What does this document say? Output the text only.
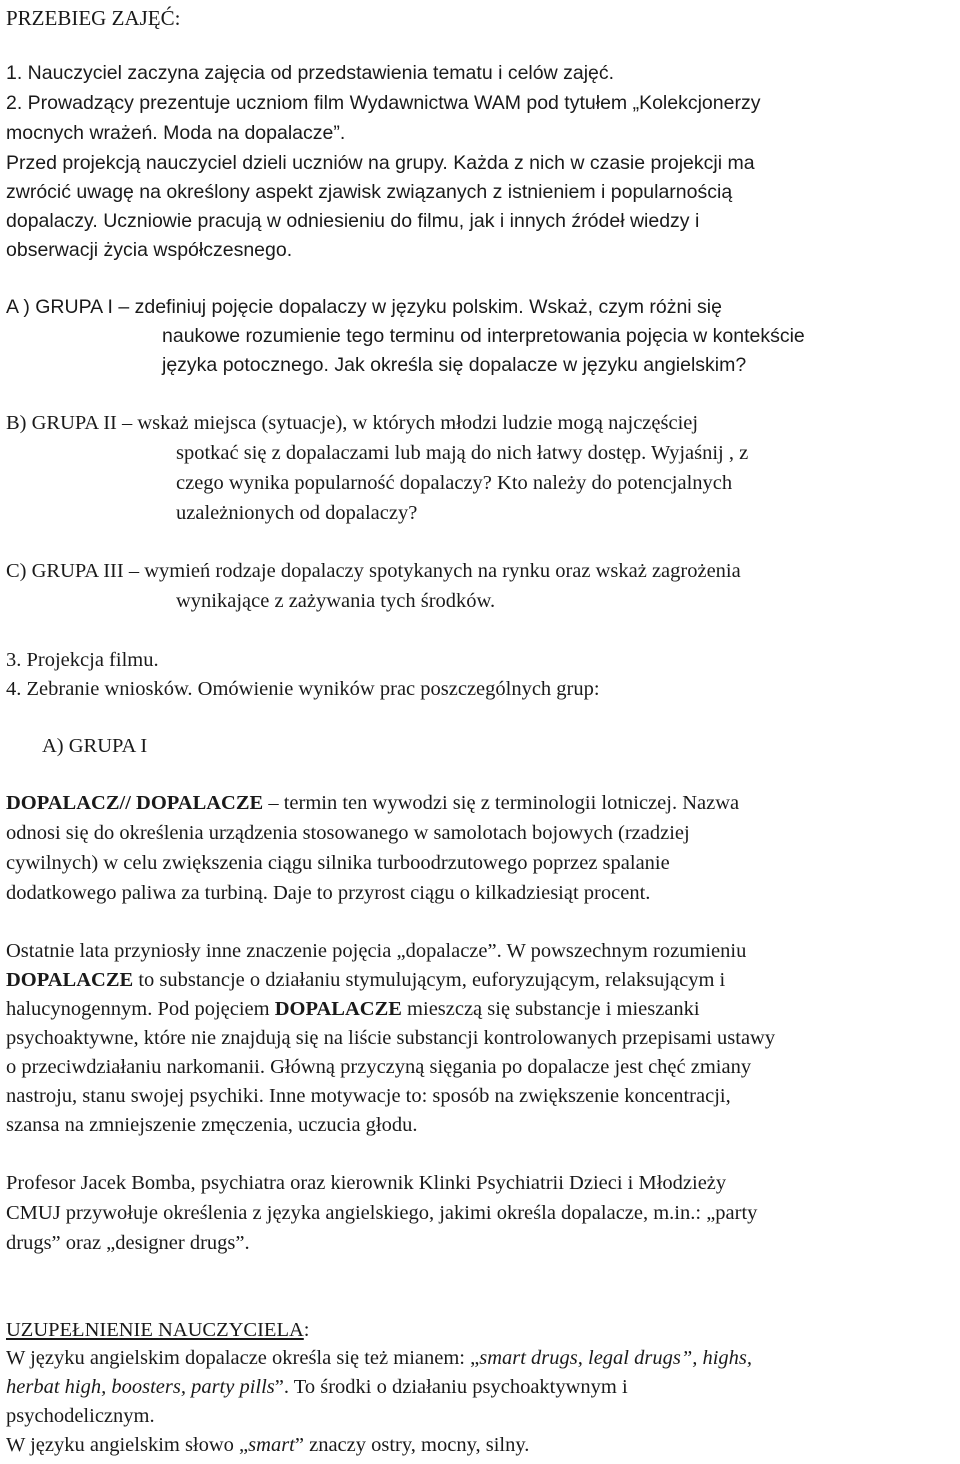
PRZEBIEG ZAJĘĆ:
1. Nauczyciel zaczyna zajęcia od przedstawienia tematu i celów zajęć.
2. Prowadzący prezentuje uczniom film Wydawnictwa WAM pod tytułem „Kolekcjonerzy
mocnych wrażeń. Moda na dopalacze”.
Przed projekcją nauczyciel dzieli uczniów na grupy. Każda z nich w czasie projekcji ma
zwrócić uwagę na określony aspekt zjawisk związanych z istnieniem i popularnością
dopalaczy. Uczniowie pracują w odniesieniu do filmu, jak i innych źródeł wiedzy i
obserwacji życia współczesnego.
A ) GRUPA I – zdefiniuj pojęcie dopalaczy w języku polskim. Wskaż, czym różni się
naukowe rozumienie tego terminu od interpretowania pojęcia w kontekście
języka potocznego. Jak określa się dopalacze w języku angielskim?
B) GRUPA II – wskaż miejsca (sytuacje), w których młodzi ludzie mogą najczęściej
spotkać się z dopalaczami lub mają do nich łatwy dostęp. Wyjaśnij , z
czego wynika popularność dopalaczy? Kto należy do potencjalnych
uzależnionych od dopalaczy?
C) GRUPA III – wymień rodzaje dopalaczy spotykanych na rynku oraz wskaż zagrożenia
wynikające z zażywania tych środków.
3. Projekcja filmu.
4. Zebranie wniosków. Omówienie wyników prac poszczególnych grup:
A) GRUPA I
DOPALACZ// DOPALACZE – termin ten wywodzi się z terminologii lotniczej. Nazwa
odnosi się do określenia urządzenia stosowanego w samolotach bojowych (rzadziej
cywilnych) w celu zwiększenia ciągu silnika turboodrzutowego poprzez spalanie
dodatkowego paliwa za turbiną. Daje to przyrost ciągu o kilkadziesiąt procent.
Ostatnie lata przyniosły inne znaczenie pojęcia „dopalacze”. W powszechnym rozumieniu
DOPALACZE to substancje o działaniu stymulującym, euforyzującym, relaksującym i
halucynogennym. Pod pojęciem DOPALACZE mieszczą się substancje i mieszanki
psychoaktywne, które nie znajdują się na liście substancji kontrolowanych przepisami ustawy
o przeciwdziałaniu narkomanii. Główną przyczyną sięgania po dopalacze jest chęć zmiany
nastroju, stanu swojej psychiki. Inne motywacje to: sposób na zwiększenie koncentracji,
szansa na zmniejszenie zmęczenia, uczucia głodu.
Profesor Jacek Bomba, psychiatra oraz kierownik Klinki Psychiatrii Dzieci i Młodzieży
CMUJ przywołuje określenia z języka angielskiego, jakimi określa dopalacze, m.in.: „party
drugs” oraz „designer drugs”.
UZUPEŁNIENIE NAUCZYCIELA:
W języku angielskim dopalacze określa się też mianem: „smart drugs, legal drugs”, highs,
herbat high, boosters, party pills”. To środki o działaniu psychoaktywnym i
psychodelicznym.
W języku angielskim słowo „smart” znaczy ostry, mocny, silny.
